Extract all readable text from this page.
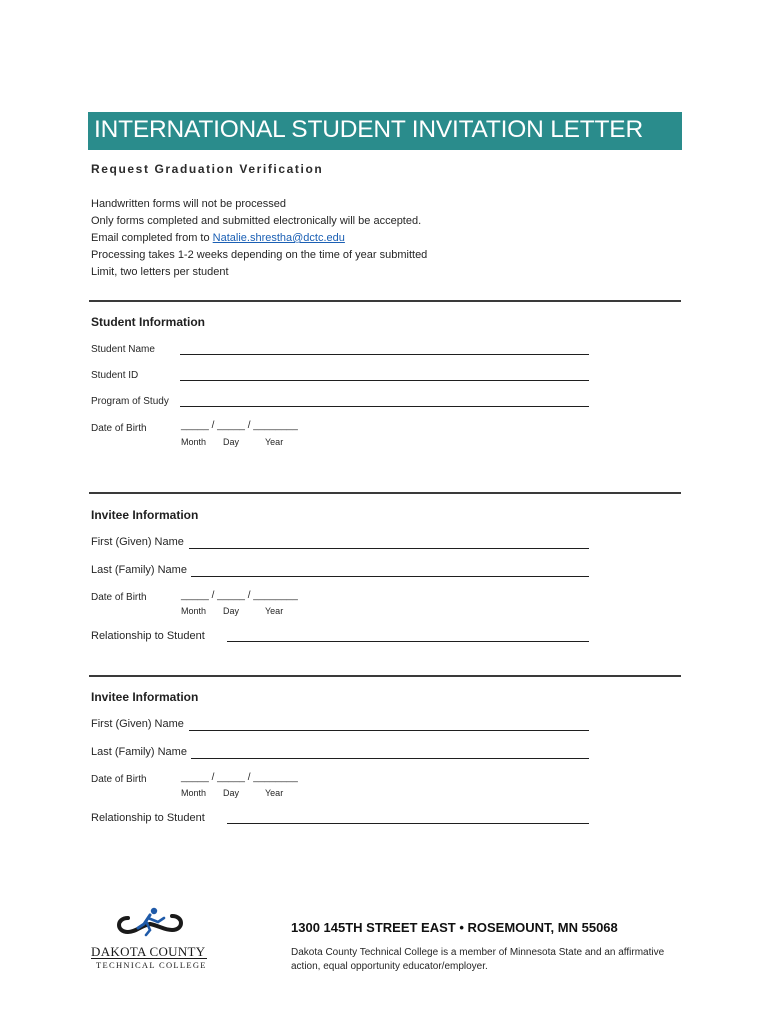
INTERNATIONAL STUDENT INVITATION LETTER
Request Graduation Verification
Handwritten forms will not be processed
Only forms completed and submitted electronically will be accepted.
Email completed from to Natalie.shrestha@dctc.edu
Processing takes 1-2 weeks depending on the time of year submitted
Limit, two letters per student
Student Information
Student Name
Student ID
Program of Study
Date of Birth	_____ / _____ / ________
Month Day	Year
Invitee Information
First (Given) Name
Last (Family) Name
Date of Birth	_____ / _____ / ________
Month Day	Year
Relationship to Student
Invitee Information
First (Given) Name
Last (Family) Name
Date of Birth	_____ / _____ / ________
Month Day	Year
Relationship to Student
DAKOTA COUNTY
TECHNICAL COLLEGE
1300 145TH STREET EAST • ROSEMOUNT, MN 55068
Dakota County Technical College is a member of Minnesota State and an affirmative action, equal opportunity educator/employer.
